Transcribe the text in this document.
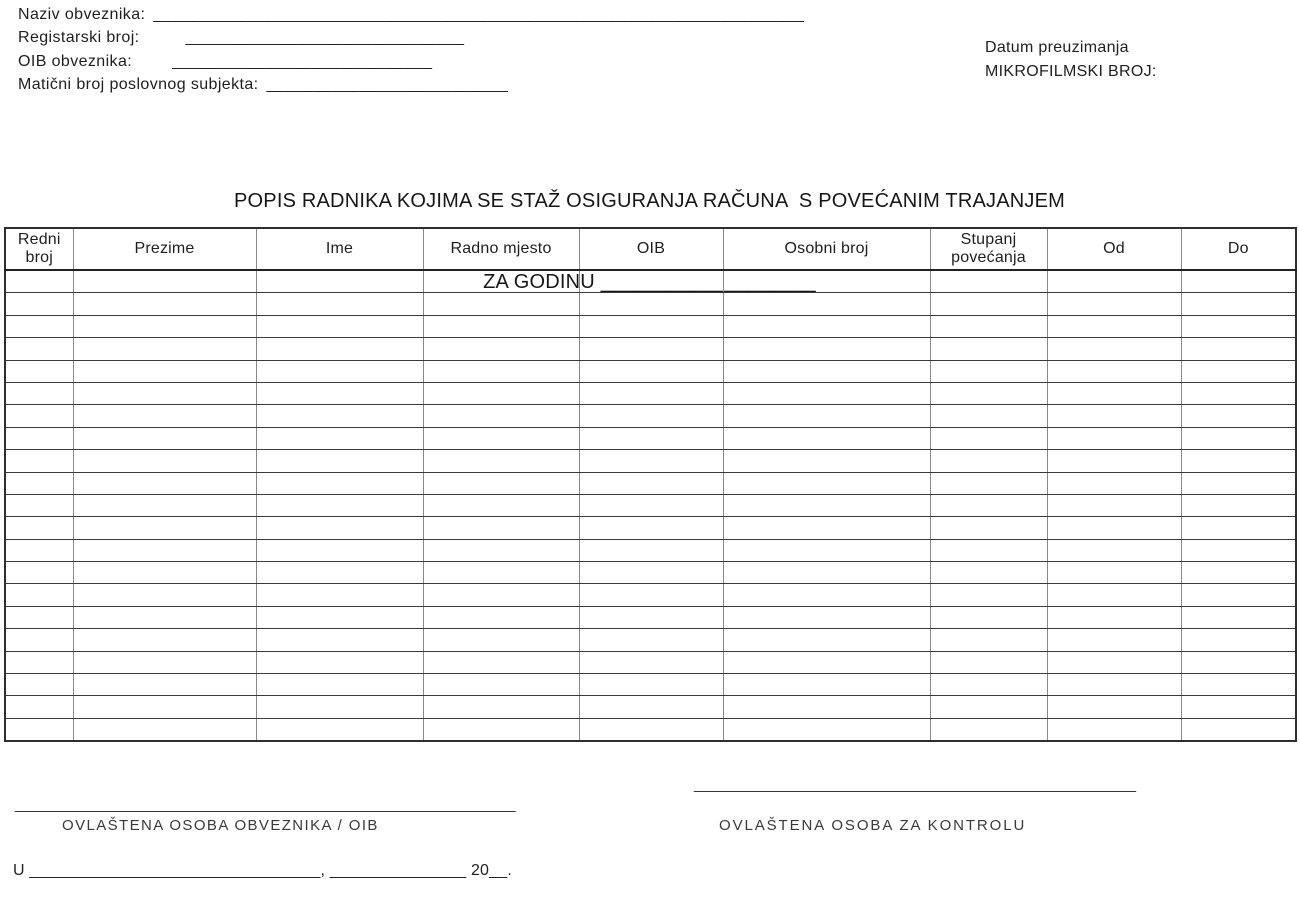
Naziv obveznika: ______________________________________________________________________
Registarski broj:	______________________________
OIB obveznika:	____________________________
Matični broj poslovnog subjekta: __________________________
Datum preuzimanja
MIKROFILMSKI BROJ:

POPIS RADNIKA KOJIMA SE STAŽ OSIGURANJA RAČUNA  S POVEĆANIM TRAJANJEM

ZA GODINU ___________________

Redni broj	Prezime	Ime	Radno mjesto	OIB	Osobni broj	Stupanj povećanja	Od	Do

_____________________________________________________
____________________________________________________________
OVLAŠTENA OSOBA OBVEZNIKA / OIB	OVLAŠTENA OSOBA ZA KONTROLU
U ________________________________, _______________ 20__.
